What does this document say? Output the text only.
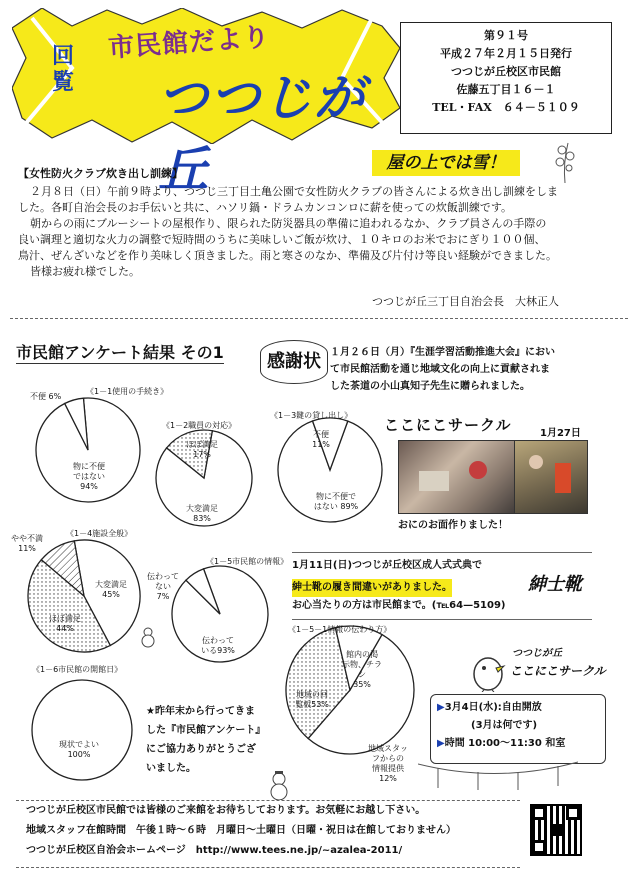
回覧
市民館だより
つつじが丘
第９１号
平成２７年２月１５日発行
つつじが丘校区市民館
佐藤五丁目１６－１
TEL・FAX　６４－５１０９
【女性防火クラブ炊き出し訓練】
屋の上では雪！
２月８日（日）午前９時より、つつじ三丁目土亀公園で女性防火クラブの皆さんによる炊き出し訓練をしま
した。各町自治会長のお手伝いと共に、ハソリ鍋・ドラムカンコンロに薪を使っての炊飯訓練です。
朝からの雨にブルーシートの屋根作り、限られた防災器具の準備に追われるなか、クラブ員さんの手際の
良い調理と適切な火力の調整で短時間のうちに美味しいご飯が炊け、１０キロのお米でおにぎり１００個、
鳥汁、ぜんざいなどを作り美味しく頂きました。雨と寒さのなか、準備及び片付け等良い経験ができました。
皆様お疲れ様でした。
つつじが丘三丁目自治会長　大林正人
市民館アンケート結果 その1	感謝状 １月２６日（月）『生涯学習活動推進大会』におい
て市民館活動を通じ地域文化の向上に貢献されま
した茶道の小山真知子先生に贈られました。
《1－1使用の手続き》
《1－2職員の対応》
《1－3鍵の貸し出し》
《1－4施設全般》
《1－5市民館の情報》
《1－5－1情報の伝わり方》
《1－6市民館の開館日》
不便 6%
物に不便
ではない
94%
ほぼ満足
17%
大変満足
83%
不便
11%
物に不便で
はない 89%
やや不満
11%
大変満足
45%
ほぼ満足
44%
伝わって
ない
7%
伝わって
いる93%	館内の掲
示物、チラ
シ
35%
地域の回
覧板53%
地域スタッ
フからの
情報提供
12%
現状でよい
100%
★昨年末から行ってきま
した『市民館アンケート』
にご協力ありがとうござ
いました。
ここにこサークル	1月27日
おにのお面作りました！
1月11日(日)つつじが丘校区成人式式典で
紳士靴の履き間違いがありました。
お心当たりの方は市民館まで。(℡64—5109)
紳士靴
つつじが丘
ここにこサークル
▶3月4日(水):自由開放
(3月は何です)
▶時間 10:00～11:30 和室
つつじが丘校区市民館では皆様のご来館をお待ちしております。お気軽にお越し下さい。
地域スタッフ在館時間　午後１時～６時　月曜日～土曜日（日曜・祝日は在館しておりません）
つつじが丘校区自治会ホームページ　http://www.tees.ne.jp/~azalea-2011/
